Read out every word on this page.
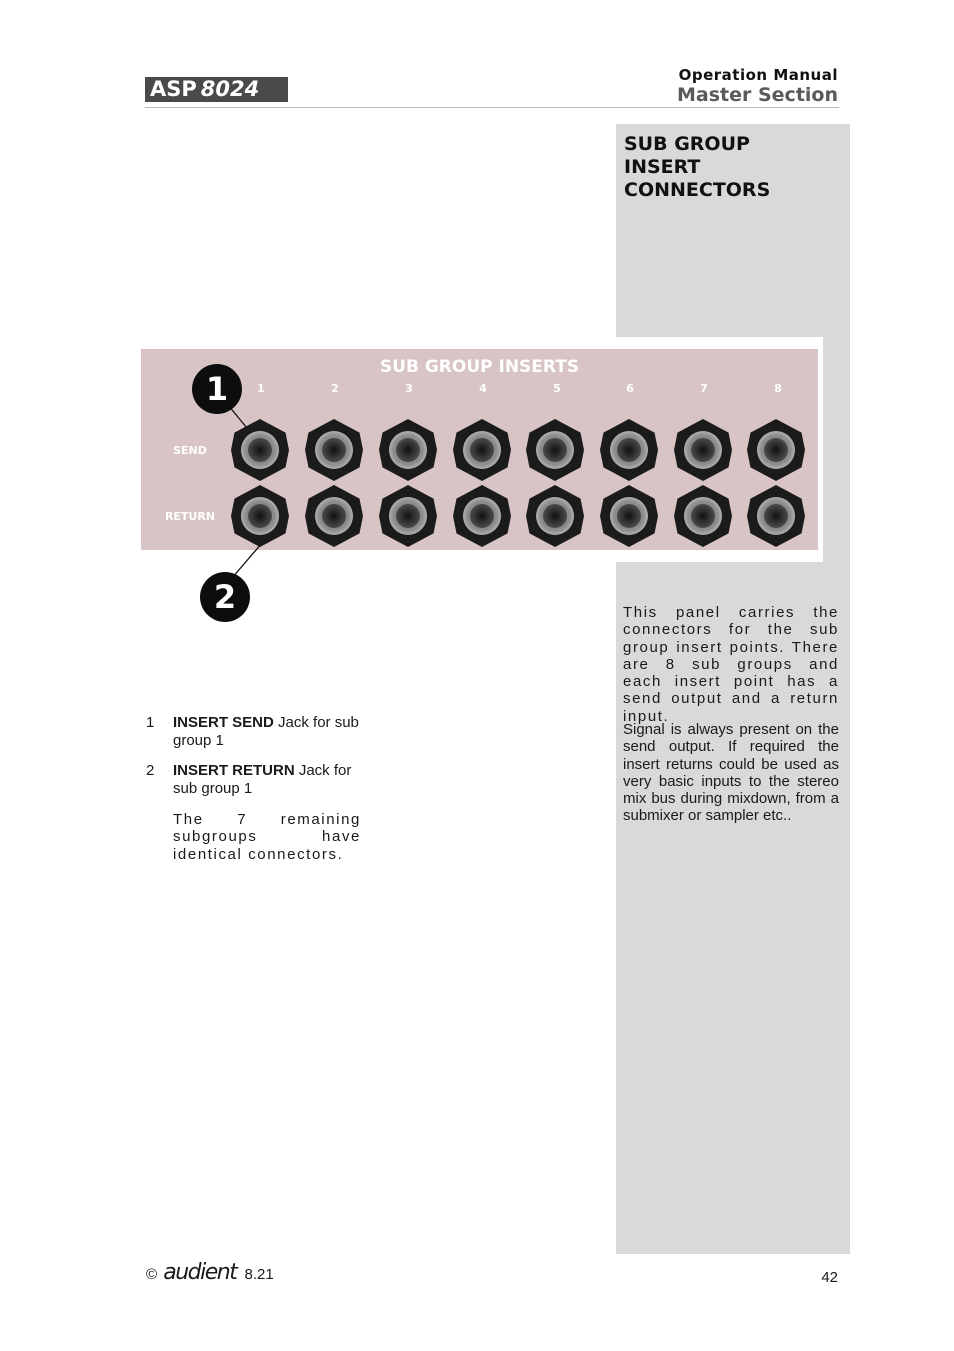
ASP 8024
Operation Manual
Master Section
SUB GROUP
INSERT
CONNECTORS

This panel carries the connectors for the sub group insert points. There are 8 sub groups and each insert point has a send output and a return input.

Signal is always present on the send output. If required the insert returns could be used as very basic inputs to the stereo mix bus during mixdown, from a submixer or sampler etc..

SUB GROUP INSERTS
1	2	3	4	5	6	7	8
SEND
RETURN
1
2
1 INSERT SEND Jack for sub group 1

2 INSERT RETURN Jack for sub group 1

The 7 remaining subgroups have identical connectors.

© audient 8.21	42
